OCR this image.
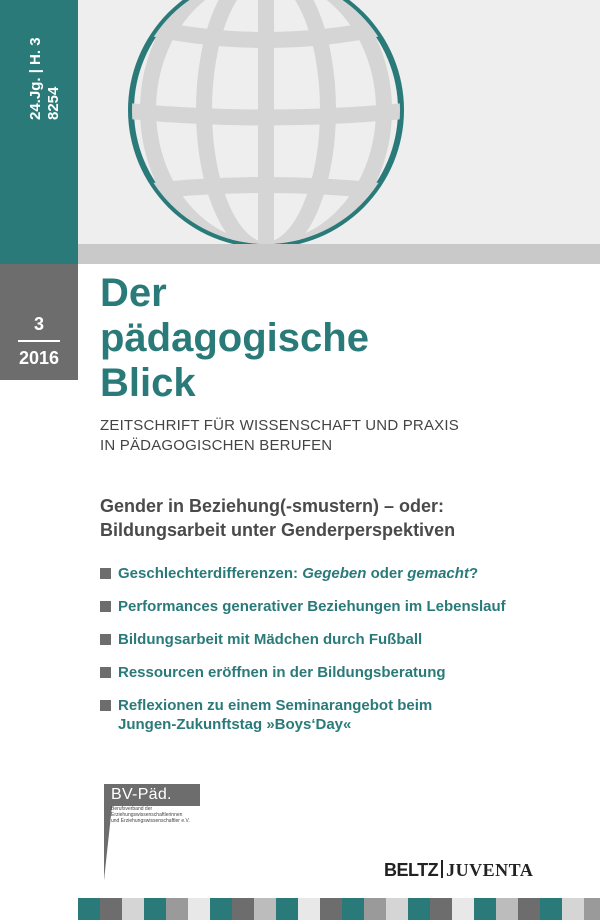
24.Jg. | H. 3 8254
3
2016
Der
pädagogische
Blick
ZEITSCHRIFT FÜR WISSENSCHAFT UND PRAXIS
IN PÄDAGOGISCHEN BERUFEN
Gender in Beziehung(-smustern) – oder:
Bildungsarbeit unter Genderperspektiven
Geschlechterdifferenzen: Gegeben oder gemacht?
Performances generativer Beziehungen im Lebenslauf
Bildungsarbeit mit Mädchen durch Fußball
Ressourcen eröffnen in der Bildungsberatung
Reflexionen zu einem Seminarangebot beim
Jungen-Zukunftstag »Boys‘Day«
BV-Päd.
Berufsverband der
Erziehungswissenschaftlerinnen
und Erziehungswissenschaftler e.V.
BELTZ JUVENTA
